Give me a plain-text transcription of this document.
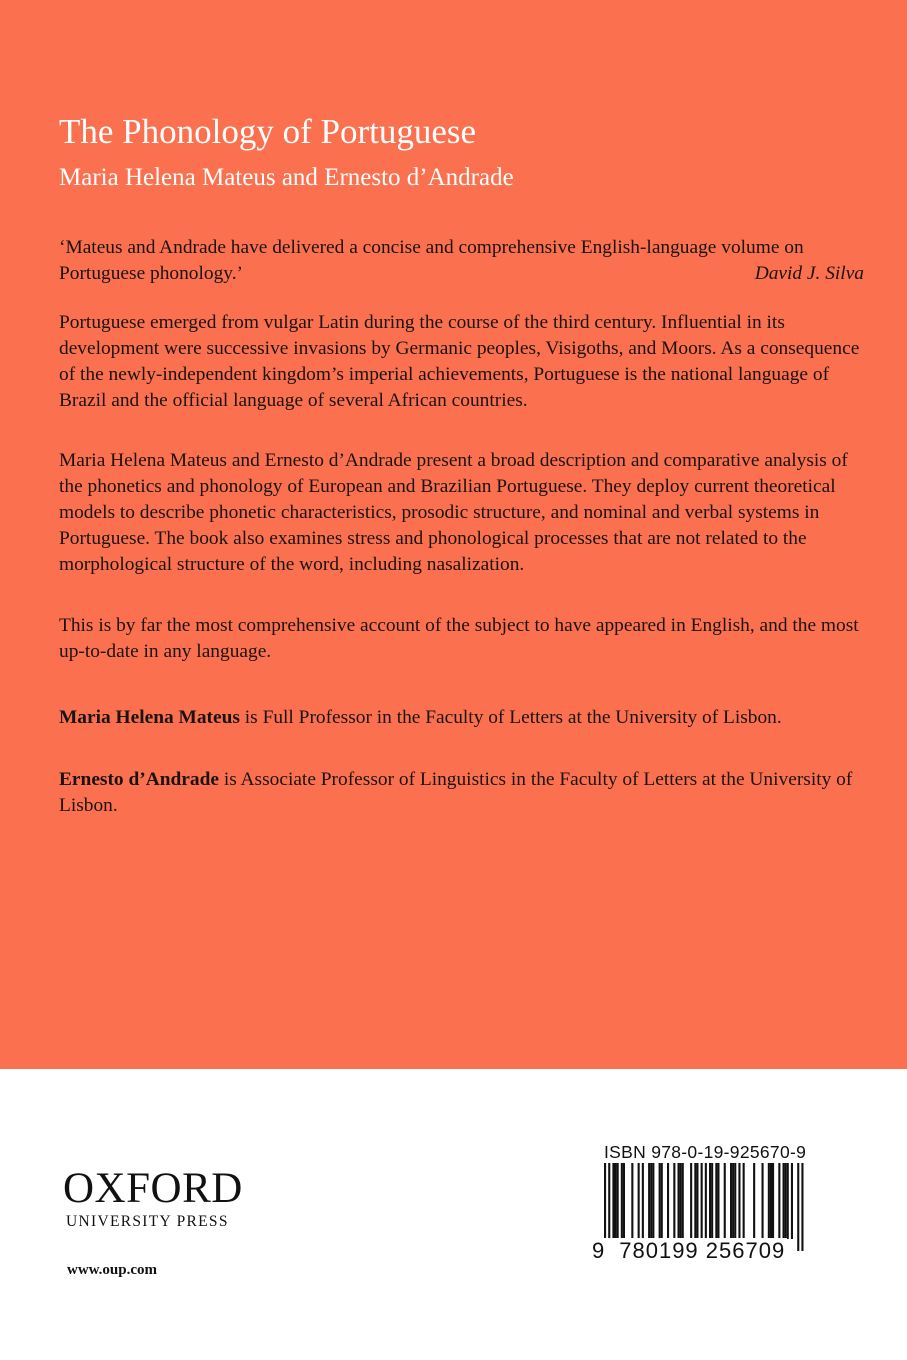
The Phonology of Portuguese
Maria Helena Mateus and Ernesto d’Andrade
‘Mateus and Andrade have delivered a concise and comprehensive English-language volume on Portuguese phonology.’	David J. Silva

Portuguese emerged from vulgar Latin during the course of the third century. Influential in its development were successive invasions by Germanic peoples, Visigoths, and Moors. As a consequence of the newly-independent kingdom’s imperial achievements, Portuguese is the national language of Brazil and the official language of several African countries.

Maria Helena Mateus and Ernesto d’Andrade present a broad description and comparative analysis of the phonetics and phonology of European and Brazilian Portuguese. They deploy current theoretical models to describe phonetic characteristics, prosodic structure, and nominal and verbal systems in Portuguese. The book also examines stress and phonological processes that are not related to the morphological structure of the word, including nasalization.

This is by far the most comprehensive account of the subject to have appeared in English, and the most up-to-date in any language.

Maria Helena Mateus is Full Professor in the Faculty of Letters at the University of Lisbon.

Ernesto d’Andrade is Associate Professor of Linguistics in the Faculty of Letters at the University of Lisbon.

OXFORD
UNIVERSITY PRESS
www.oup.com
ISBN 978-0-19-925670-9
9 780199 256709
